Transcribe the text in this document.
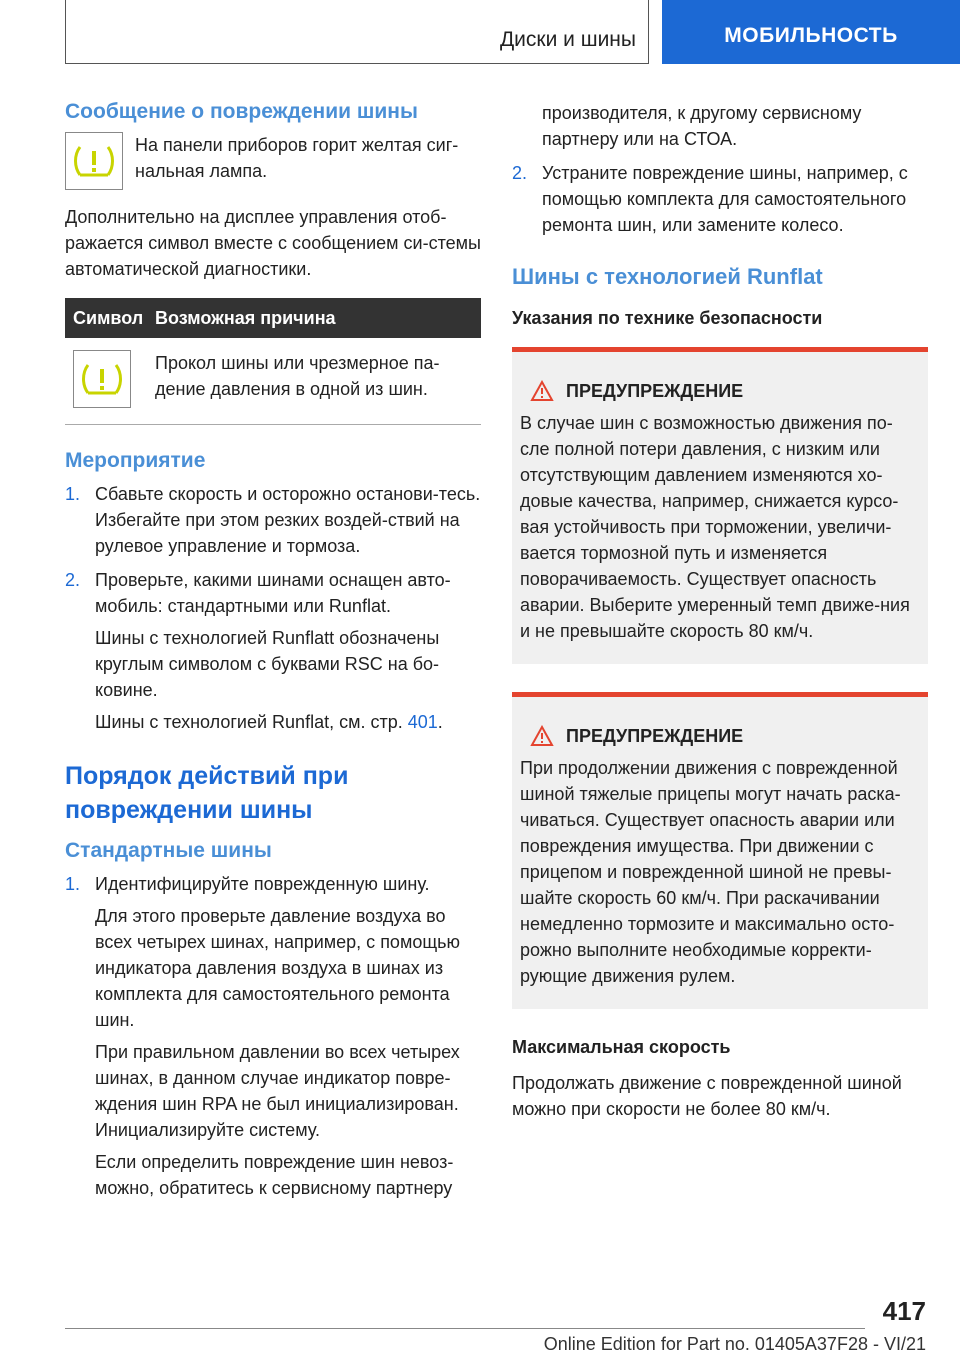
Диски и шины	МОБИЛЬНОСТЬ
Сообщение о повреждении шины

На панели приборов горит желтая сиг-нальная лампа.

Дополнительно на дисплее управления отоб-ражается символ вместе с сообщением си-стемы автоматической диагностики.

Символ Возможная причина

Прокол шины или чрезмерное па-дение давления в одной из шин.

Мероприятие
1. Сбавьте скорость и осторожно останови-тесь. Избегайте при этом резких воздей-ствий на рулевое управление и тормоза.
2. Проверьте, какими шинами оснащен авто-мобиль: стандартными или Runflat.

Шины с технологией Runflatt обозначены круглым символом с буквами RSC на бо-ковине.

Шины с технологией Runflat, см. стр. 401.

Порядок действий при повреждении шины
Стандартные шины
1. Идентифицируйте поврежденную шину.

Для этого проверьте давление воздуха во всех четырех шинах, например, с помощью индикатора давления воздуха в шинах из комплекта для самостоятельного ремонта шин.

При правильном давлении во всех четырех шинах, в данном случае индикатор повре-ждения шин RPA не был инициализирован. Инициализируйте систему.

Если определить повреждение шин невоз-можно, обратитесь к сервисному партнеру

производителя, к другому сервисному партнеру или на СТОА.

2. Устраните повреждение шины, например, с помощью комплекта для самостоятельного ремонта шин, или замените колесо.
Шины с технологией Runflat
Указания по технике безопасности
ПРЕДУПРЕЖДЕНИЕ

В случае шин с возможностью движения по-сле полной потери давления, с низким или отсутствующим давлением изменяются хо-довые качества, например, снижается курсо-вая устойчивость при торможении, увеличи-вается тормозной путь и изменяется поворачиваемость. Существует опасность аварии. Выберите умеренный темп движе-ния и не превышайте скорость 80 км/ч.

ПРЕДУПРЕЖДЕНИЕ

При продолжении движения с поврежденной шиной тяжелые прицепы могут начать раска-чиваться. Существует опасность аварии или повреждения имущества. При движении с прицепом и поврежденной шиной не превы-шайте скорость 60 км/ч. При раскачивании немедленно тормозите и максимально осто-рожно выполните необходимые корректи-рующие движения рулем.

Максимальная скорость

Продолжать движение с поврежденной шиной можно при скорости не более 80 км/ч.

417
Online Edition for Part no. 01405A37F28 - VI/21
